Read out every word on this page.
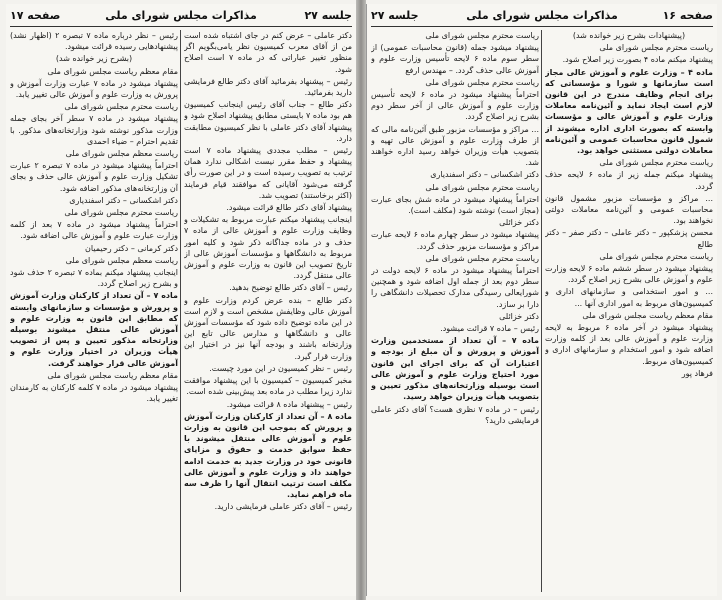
جلسه ۲۷
مذاکرات مجلس شورای ملی
صفحه ۱۷

دکتر عاملی – عرض کنم در جای اشتباه شده است من از آقای معرب کمیسیون نظر یامی‌بگویم اگر منظور تغییر عباراتی که در ماده ۷ است اصلاح شود.

رئیس – پیشنهاد بفرمائید آقای دکتر طالع فرمایشی دارید بفرمائید.

دکتر طالع – جناب آقای رئیس اینجانب کمیسیون هم بود ماده ۷ بایستی مطابق پیشنهاد اصلاح شود و پیشنهاد آقای دکتر عاملی با نظر کمیسیون مطابقت دارد.

رئیس – مطلب مجددی پیشنهاد ماده ۷ است پیشنهاد و حفظ مقرر نیست اشکالی ندارد همان ترتیب به تصویب رسیده است و در این صورت رأی گرفته می‌شود آقایانی که موافقند قیام فرمایند (اکثر برخاستند) تصویب شد.

پیشنهاد آقای دکتر طالع قرائت میشود.

اینجانب پیشنهاد میکنم عبارت مربوط به تشکیلات و وظایف وزارت علوم و آموزش عالی از ماده ۷ حذف و در ماده جداگانه ذکر شود و کلیه امور مربوط به دانشگاهها و مؤسسات آموزش عالی از تاریخ تصویب این قانون به وزارت علوم و آموزش عالی منتقل گردد.

رئیس – آقای دکتر طالع توضیح بدهید.

دکتر طالع – بنده عرض کردم وزارت علوم و آموزش عالی وظایفش مشخص است و لازم است در این ماده توضیح داده شود که مؤسسات آموزش عالی و دانشگاهها و مدارس عالی تابع این وزارتخانه باشند و بودجه آنها نیز در اختیار این وزارت قرار گیرد.

رئیس – نظر کمیسیون در این مورد چیست.

مخبر کمیسیون – کمیسیون با این پیشنهاد موافقت ندارد زیرا مطلب در ماده بعد پیش‌بینی شده است.

رئیس – پیشنهاد ماده ۸ قرائت میشود.

ماده ۸ – آن تعداد از کارکنان وزارت آموزش و پرورش که بموجب این قانون به وزارت علوم و آموزش عالی منتقل میشوند با حفظ سوابق خدمت و حقوق و مزایای قانونی خود در وزارت جدید به خدمت ادامه خواهند داد و وزارت علوم و آموزش عالی مکلف است ترتیب انتقال آنها را ظرف سه ماه فراهم نماید.

رئیس – آقای دکتر عاملی فرمایشی دارید.

رئیس – نظر درباره ماده ۷ تبصره ۲ (اظهار نشد) پیشنهادهایی رسیده قرائت میشود.

(بشرح زیر خوانده شد)

مقام معظم ریاست مجلس شورای ملی

پیشنهاد میشود در ماده ۷ عبارت وزارت آموزش و پرورش به وزارت علوم و آموزش عالی تغییر یابد.

ریاست محترم مجلس شورای ملی

پیشنهاد میشود در ماده ۷ سطر آخر بجای جمله وزارت مذکور نوشته شود وزارتخانه‌های مذکور. با تقدیم احترام – ضیاء احمدی

ریاست معظم مجلس شورای ملی

احتراماً پیشنهاد میشود در ماده ۷ تبصره ۲ عبارت تشکیل وزارت علوم و آموزش عالی حذف و بجای آن وزارتخانه‌های مذکور اضافه شود.

دکتر اشکسانی – دکتر اسفندیاری

ریاست محترم مجلس شورای ملی

احتراماً پیشنهاد میشود در ماده ۷ بعد از کلمه وزارت عبارت علوم و آموزش عالی اضافه شود.

دکتر کرمانی – دکتر رحیمیان

ریاست معظم مجلس شورای ملی

اینجانب پیشنهاد میکنم بماده ۷ تبصره ۲ حذف شود و بشرح زیر اصلاح گردد.

ماده ۷ – آن تعداد از کارکنان وزارت آموزش و پرورش و مؤسسات و سازمانهای وابسته که مطابق این قانون به وزارت علوم و آموزش عالی منتقل میشوند بوسیله وزارتخانه مذکور تعیین و پس از تصویب هیأت وزیران در اختیار وزارت علوم و آموزش عالی قرار خواهند گرفت.

مقام معظم ریاست مجلس شورای ملی

پیشنهاد میشود در ماده ۷ کلمه کارکنان به کارمندان تغییر یابد.

صفحه ۱۶
مذاکرات مجلس شورای ملی
جلسه ۲۷

(پیشنهادات بشرح زیر خوانده شد)

ریاست محترم مجلس شورای ملی

پیشنهاد میکنم ماده ۴ بصورت زیر اصلاح شود.

ماده ۴ – وزارت علوم و آموزش عالی مجاز است سازمانها و شورا و مؤسساتی که برای انجام وظایف مندرج در این قانون لازم است ایجاد نماید و آئین‌نامه معاملات وزارت علوم و آموزش عالی و مؤسسات وابسته که بصورت اداری اداره میشوند از شمول قانون محاسبات عمومی و آئین‌نامه معاملات دولتی مستثنی خواهد بود.

ریاست محترم مجلس شورای ملی

پیشنهاد میکنم جمله زیر از ماده ۶ لایحه حذف گردد.

... مراکز و مؤسسات مزبور مشمول قانون محاسبات عمومی و آئین‌نامه معاملات دولتی نخواهند بود.

محسن پزشکپور – دکتر عاملی – دکتر صفر – دکتر طالع

ریاست محترم مجلس شورای ملی

پیشنهاد میشود در سطر ششم ماده ۶ لایحه وزارت علوم و آموزش عالی بشرح زیر اصلاح گردد.

... و امور استخدامی و سازمانهای اداری و کمیسیون‌های مربوط به امور اداری آنها ...

مقام معظم ریاست مجلس شورای ملی

پیشنهاد میشود در آخر ماده ۶ مربوط به لایحه وزارت علوم و آموزش عالی بعد از کلمه وزارت اضافه شود و امور استخدام و سازمانهای اداری و کمیسیون‌های مربوط.

فرهاد پور

ریاست محترم مجلس شورای ملی

پیشنهاد میشود جمله (قانون محاسبات عمومی) از سطر سوم ماده ۶ لایحه تأسیس وزارت علوم و آموزش عالی حذف گردد. – مهندس ارفع

ریاست محترم مجلس شورای ملی

احتراماً پیشنهاد میشود در ماده ۶ لایحه تأسیس وزارت علوم و آموزش عالی از آخر سطر دوم بشرح زیر اصلاح گردد.

... مراکز و مؤسسات مزبور طبق آئین‌نامه مالی که از طرف وزارت علوم و آموزش عالی تهیه و بتصویب هیأت وزیران خواهد رسید اداره خواهند شد.

دکتر اشکسانی – دکتر اسفندیاری

ریاست محترم مجلس شورای ملی

احتراماً پیشنهاد میشود در ماده شش بجای عبارت (مجاز است) نوشته شود (مکلف است).

دکتر خزائلی

پیشنهاد میشود در سطر چهارم ماده ۶ لایحه عبارت مراکز و مؤسسات مزبور حذف گردد.

ریاست محترم مجلس شورای ملی

احتراماً پیشنهاد میشود در ماده ۶ لایحه دولت در سطر دوم بعد از جمله اول اضافه شود و همچنین شورایعالی رسیدگی مدارک تحصیلات دانشگاهی را دارا بر سازد.

دکتر خزائلی

رئیس – ماده ۷ قرائت میشود.

ماده ۷ – آن تعداد از مستخدمین وزارت آموزش و پرورش و آن مبلغ از بودجه و اعتبارات آن که برای اجرای این قانون مورد احتیاج وزارت علوم و آموزش عالی است بوسیله وزارتخانه‌های مذکور تعیین و بتصویب هیأت وزیران خواهد رسید.

رئیس – در ماده ۷ نظری هست؟ آقای دکتر عاملی فرمایشی دارید؟
